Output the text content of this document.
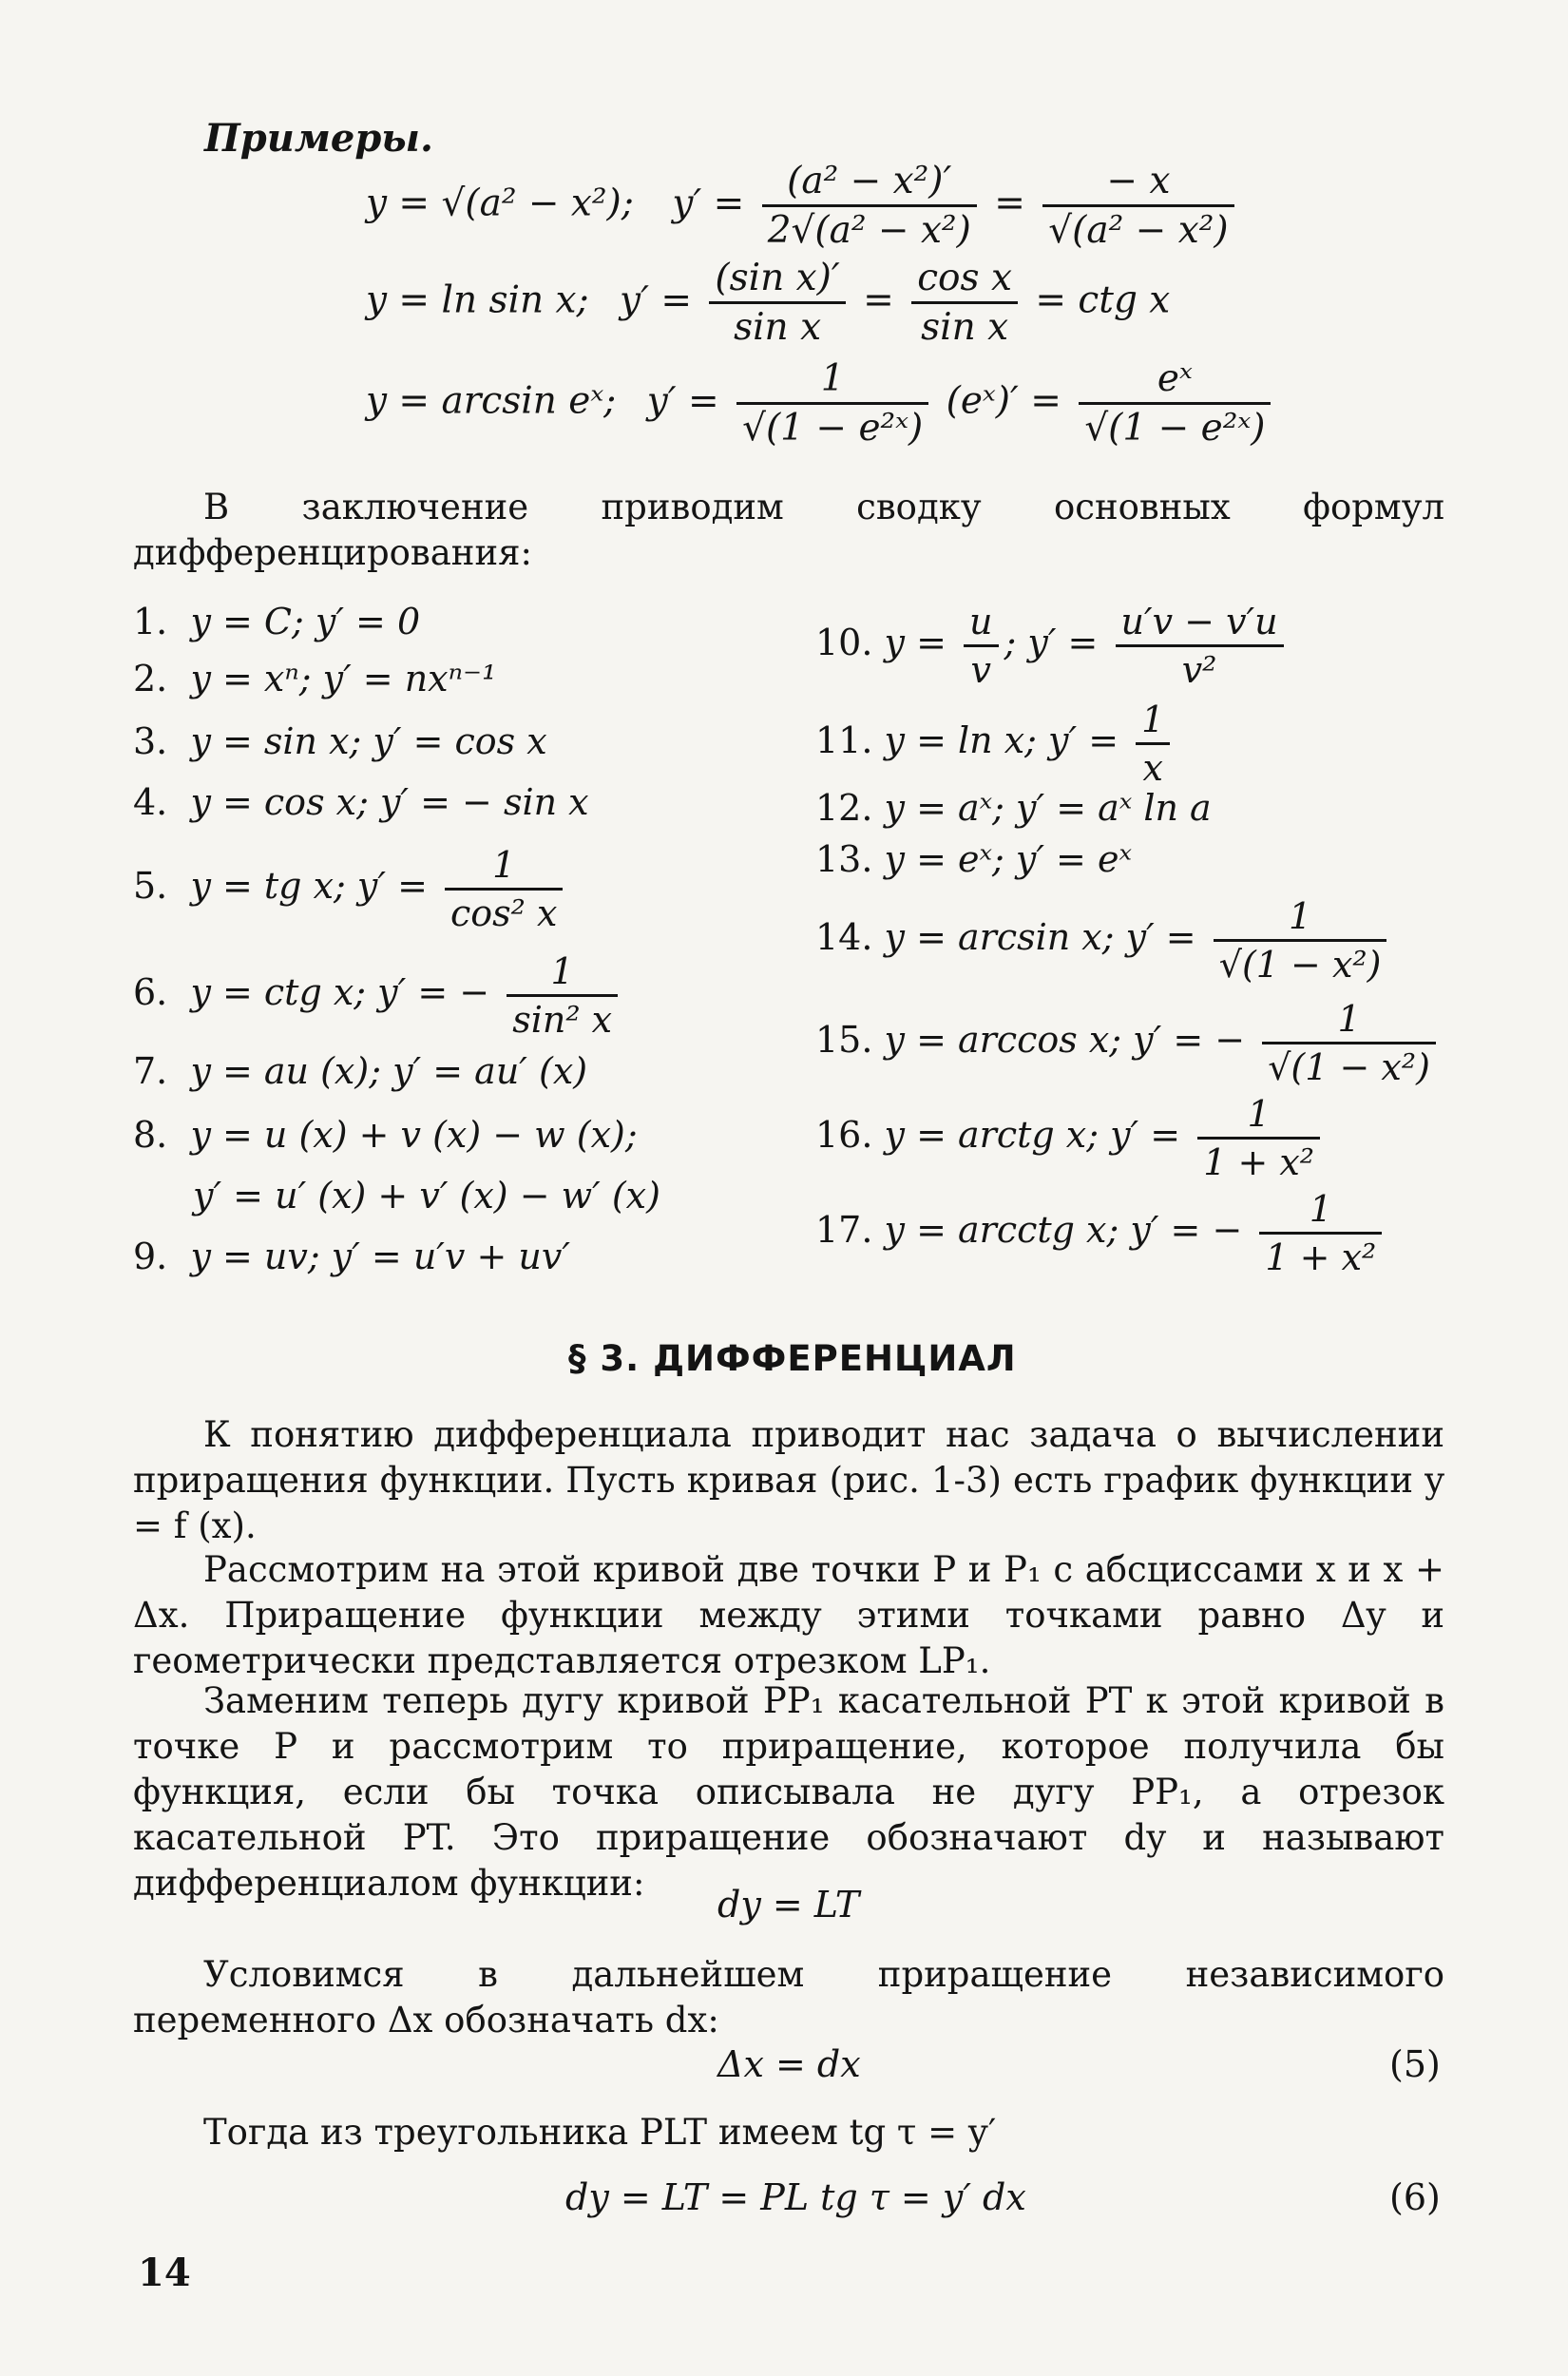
Примеры.
y = √(a² − x²); $y' = \frac{\text{(a² − x²)′}}{\text{2√(a² − x²)}} = \frac{- x}{\text{√(a² − x²)}}$
y = ln sin x; $y' = \frac{\text{(sin x)′}}{\text{sin x}} = \frac{\text{cos x}}{\text{sin x}}$ = ctg x
y = arcsin eˣ; $y' = \frac{1}{\text{√(1 − e²ˣ)}}$ (eˣ)′ = $\frac{\text{eˣ}}{\text{√(1 − e²ˣ)}}$
В заключение приводим сводку основных формул дифференцирования:
1. y = C; y′ = 0
2. y = xⁿ; y′ = nxⁿ⁻¹
3. y = sin x; y′ = cos x
4. y = cos x; y′ = − sin x
5. y = tg x; $y' = \frac{1}{\text{cos² x}}$
6. y = ctg x; y′ = − $\frac{1}{\text{sin² x}}$
7. y = au (x); y′ = au′ (x)
8. y = u (x) + v (x) − w (x);
y′ = u′ (x) + v′ (x) − w′ (x)
9. y = uv; y′ = u′v + uv′
10. $y = \frac{u}{v}$ ; $y' = \frac{u'v - v'u}{\text{v²}}$
11. y = ln x; $y' = \frac{1}{x}$
12. y = aˣ; y′ = aˣ ln a
13. y = eˣ; y′ = eˣ
14. y = arcsin x; $y' = \frac{1}{\text{√(1 − x²)}}$
15. y = arccos x; y′ = − $\frac{1}{\text{√(1 − x²)}}$
16. y = arctg x; $y' = \frac{1}{\text{1 + x²}}$
17. y = arcctg x; y′ = − $\frac{1}{\text{1 + x²}}$
§ 3. ДИФФЕРЕНЦИАЛ
К понятию дифференциала приводит нас задача о вычислении приращения функции. Пусть кривая (рис. 1-3) есть график функции y = f (x).
Рассмотрим на этой кривой две точки P и P₁ с абсциссами x и x + Δx. Приращение функции между этими точками равно Δy и геометрически представляется отрезком LP₁.
Заменим теперь дугу кривой PP₁ касательной PT к этой кривой в точке P и рассмотрим то приращение, которое получила бы функция, если бы точка описывала не дугу PP₁, а отрезок касательной PT. Это приращение обозначают dy и называют дифференциалом функции:
dy = LT
Условимся в дальнейшем приращение независимого переменного Δx обозначать dx:
Δx = dx	(5)
Тогда из треугольника PLT имеем tg τ = y′
dy = LT = PL tg τ = y′ dx	(6)
14
